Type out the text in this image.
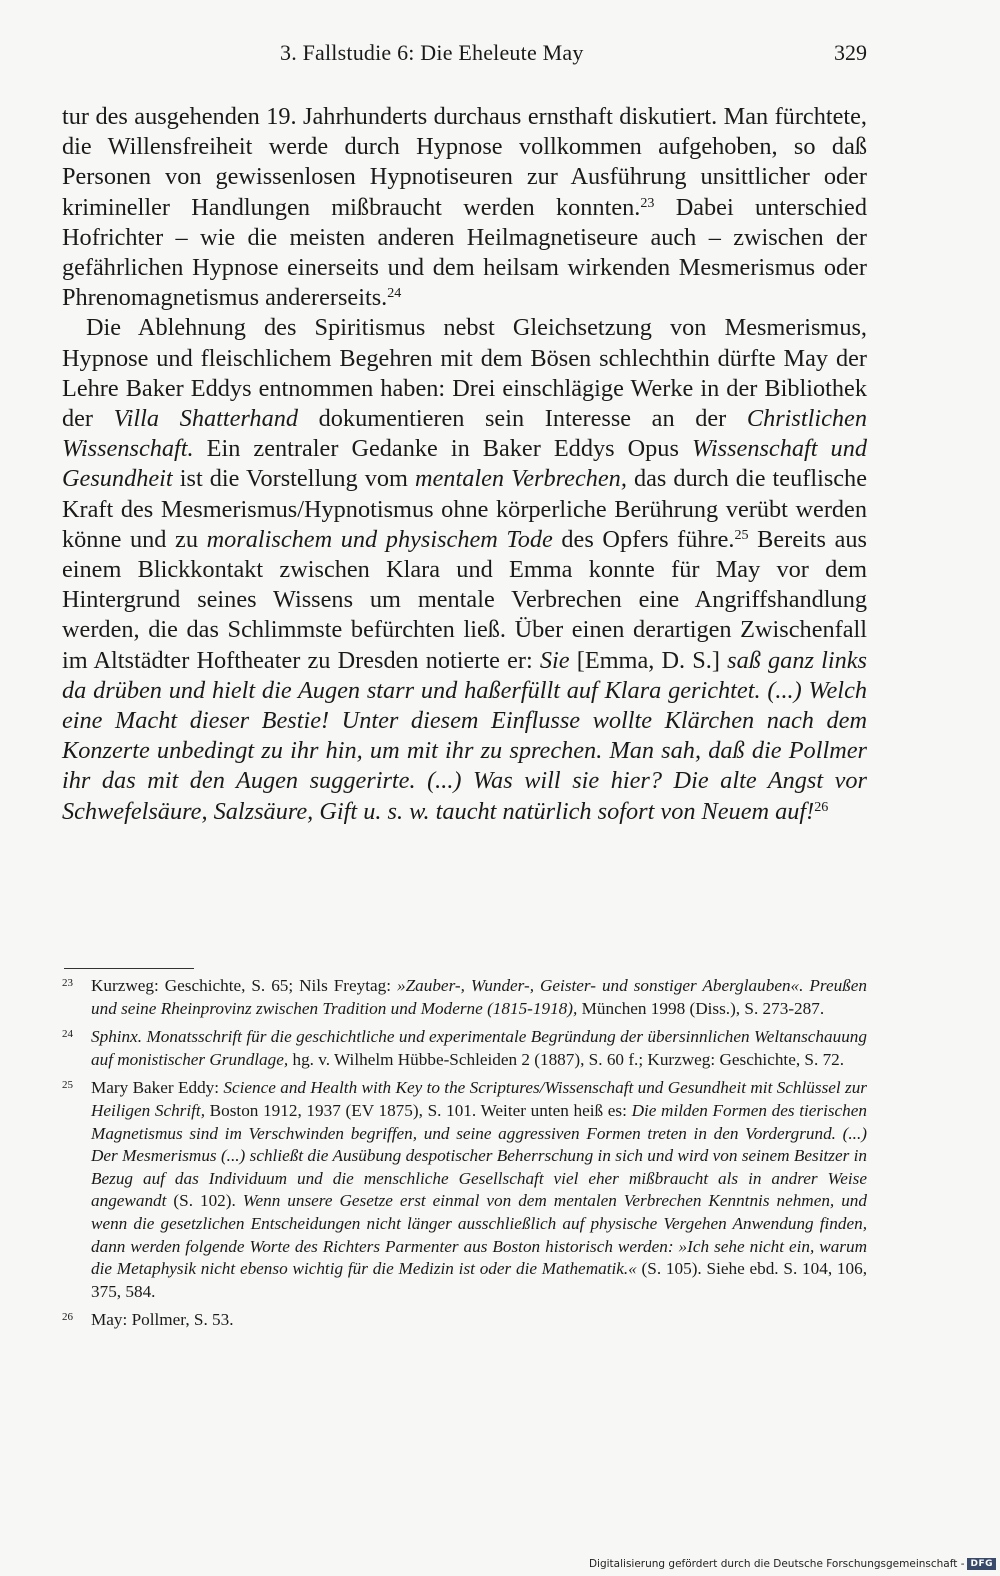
3. Fallstudie 6: Die Eheleute May	329

tur des ausgehenden 19. Jahrhunderts durchaus ernsthaft diskutiert. Man fürchtete, die Willensfreiheit werde durch Hypnose vollkommen aufgehoben, so daß Personen von gewissenlosen Hypnotiseuren zur Ausführung unsittlicher oder krimineller Handlungen mißbraucht werden konnten.$^{23}$ Dabei unterschied Hofrichter – wie die meisten anderen Heilmagnetiseure auch – zwischen der gefährlichen Hypnose einerseits und dem heilsam wirkenden Mesmerismus oder Phrenomagnetismus andererseits.$^{24}$

Die Ablehnung des Spiritismus nebst Gleichsetzung von Mesmerismus, Hypnose und fleischlichem Begehren mit dem Bösen schlechthin dürfte May der Lehre Baker Eddys entnommen haben: Drei einschlägige Werke in der Bibliothek der Villa Shatterhand dokumentieren sein Interesse an der Christlichen Wissenschaft. Ein zentraler Gedanke in Baker Eddys Opus Wissenschaft und Gesundheit ist die Vorstellung vom mentalen Verbrechen, das durch die teuflische Kraft des Mesmerismus/Hypnotismus ohne körperliche Berührung verübt werden könne und zu moralischem und physischem Tode des Opfers führe.$^{25}$ Bereits aus einem Blickkontakt zwischen Klara und Emma konnte für May vor dem Hintergrund seines Wissens um mentale Verbrechen eine Angriffshandlung werden, die das Schlimmste befürchten ließ. Über einen derartigen Zwischenfall im Altstädter Hoftheater zu Dresden notierte er: Sie [Emma, D. S.] saß ganz links da drüben und hielt die Augen starr und haßerfüllt auf Klara gerichtet. (...) Welch eine Macht dieser Bestie! Unter diesem Einflusse wollte Klärchen nach dem Konzerte unbedingt zu ihr hin, um mit ihr zu sprechen. Man sah, daß die Pollmer ihr das mit den Augen suggerirte. (...) Was will sie hier? Die alte Angst vor Schwefelsäure, Salzsäure, Gift u. s. w. taucht natürlich sofort von Neuem auf!$^{26}$

23 Kurzweg: Geschichte, S. 65; Nils Freytag: »Zauber-, Wunder-, Geister- und sonstiger Aberglauben«. Preußen und seine Rheinprovinz zwischen Tradition und Moderne (1815-1918), München 1998 (Diss.), S. 273-287.
24 Sphinx. Monatsschrift für die geschichtliche und experimentale Begründung der übersinnlichen Weltanschauung auf monistischer Grundlage, hg. v. Wilhelm Hübbe-Schleiden 2 (1887), S. 60 f.; Kurzweg: Geschichte, S. 72.
25 Mary Baker Eddy: Science and Health with Key to the Scriptures/Wissenschaft und Gesundheit mit Schlüssel zur Heiligen Schrift, Boston 1912, 1937 (EV 1875), S. 101. Weiter unten heiß es: Die milden Formen des tierischen Magnetismus sind im Verschwinden begriffen, und seine aggressiven Formen treten in den Vordergrund. (...) Der Mesmerismus (...) schließt die Ausübung despotischer Beherrschung in sich und wird von seinem Besitzer in Bezug auf das Individuum und die menschliche Gesellschaft viel eher mißbraucht als in andrer Weise angewandt (S. 102). Wenn unsere Gesetze erst einmal von dem mentalen Verbrechen Kenntnis nehmen, und wenn die gesetzlichen Entscheidungen nicht länger ausschließlich auf physische Vergehen Anwendung finden, dann werden folgende Worte des Richters Parmenter aus Boston historisch werden: »Ich sehe nicht ein, warum die Metaphysik nicht ebenso wichtig für die Medizin ist oder die Mathematik.« (S. 105). Siehe ebd. S. 104, 106, 375, 584.
26 May: Pollmer, S. 53.
Digitalisierung gefördert durch die Deutsche Forschungsgemeinschaft - DFG
